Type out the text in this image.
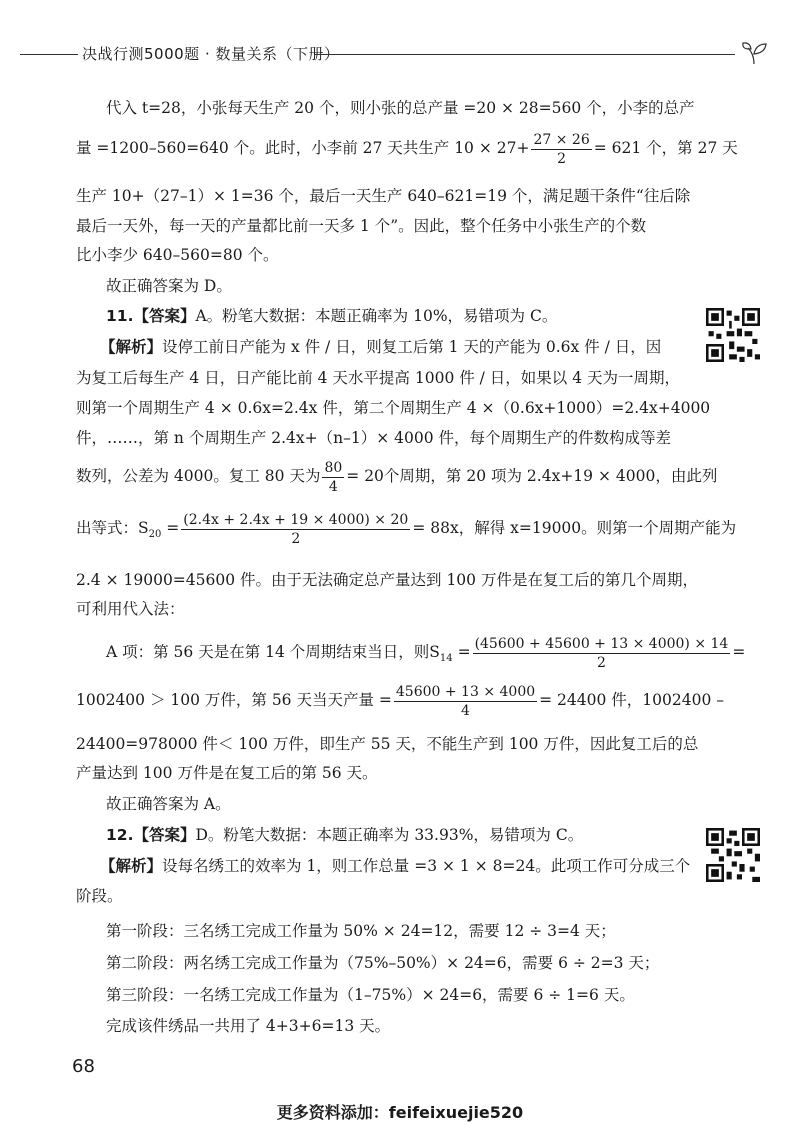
决战行测5000题 · 数量关系（下册）
代入 t=28，小张每天生产 20 个，则小张的总产量 =20 × 28=560 个，小李的总产
量 =1200–560=640 个。此时，小李前 27 天共生产 $10 \times 27+ \frac{27 \times 26}{2} = 621$ 个，第 27 天
生产 10+（27–1）× 1=36 个，最后一天生产 640–621=19 个，满足题干条件“往后除
最后一天外，每一天的产量都比前一天多 1 个”。因此，整个任务中小张生产的个数
比小李少 640–560=80 个。
故正确答案为 D。
11.【答案】A。粉笔大数据：本题正确率为 10%，易错项为 C。
【解析】设停工前日产能为 x 件 / 日，则复工后第 1 天的产能为 0.6x 件 / 日，因
为复工后每生产 4 日，日产能比前 4 天水平提高 1000 件 / 日，如果以 4 天为一周期，
则第一个周期生产 4 × 0.6x=2.4x 件，第二个周期生产 4 ×（0.6x+1000）=2.4x+4000
件，……，第 n 个周期生产 2.4x+（n–1）× 4000 件，每个周期生产的件数构成等差
数列，公差为 4000。复工 80 天为 $\frac{80}{4} = 20$个周期，第 20 项为 2.4x+19 × 4000，由此列
出等式：$S_{20} = \frac{(2.4x + 2.4x + 19 \times 4000) \times 20}{2} = 88x$，解得 x=19000。则第一个周期产能为
2.4 × 19000=45600 件。由于无法确定总产量达到 100 万件是在复工后的第几个周期，
可利用代入法：
A 项：第 56 天是在第 14 个周期结束当日，则$S_{14} = \frac{(45600 + 45600 + 13 \times 4000) \times 14}{2}$ =
1002400 ＞ 100 万件，第 56 天当天产量 = $\frac{45600 + 13 \times 4000}{4} = 24400$ 件，1002400 –
24400=978000 件＜ 100 万件，即生产 55 天，不能生产到 100 万件，因此复工后的总
产量达到 100 万件是在复工后的第 56 天。
故正确答案为 A。
12.【答案】D。粉笔大数据：本题正确率为 33.93%，易错项为 C。
【解析】设每名绣工的效率为 1，则工作总量 =3 × 1 × 8=24。此项工作可分成三个
阶段。
第一阶段：三名绣工完成工作量为 50% × 24=12，需要 12 ÷ 3=4 天；
第二阶段：两名绣工完成工作量为（75%–50%）× 24=6，需要 6 ÷ 2=3 天；
第三阶段：一名绣工完成工作量为（1–75%）× 24=6，需要 6 ÷ 1=6 天。
完成该件绣品一共用了 4+3+6=13 天。
68
更多资料添加：feifeixuejie520
